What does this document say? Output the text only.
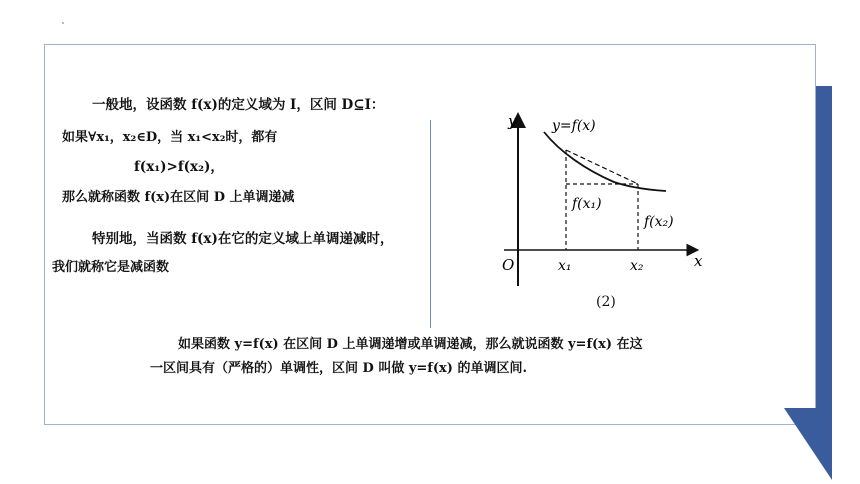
一般地，设函数 f(x)的定义域为 I，区间 D⊆I：
如果∀x₁，x₂∈D，当 x₁<x₂时，都有
f(x₁)>f(x₂)，
那么就称函数 f(x)在区间 D 上单调递减
特别地，当函数 f(x)在它的定义域上单调递减时，
我们就称它是减函数
y
x
O
y=f(x)
f(x₁)
f(x₂)
x₁	x₂
(2)
如果函数 y=f(x) 在区间 D 上单调递增或单调递减，那么就说函数 y=f(x) 在这
一区间具有（严格的）单调性，区间 D 叫做 y=f(x) 的单调区间.
